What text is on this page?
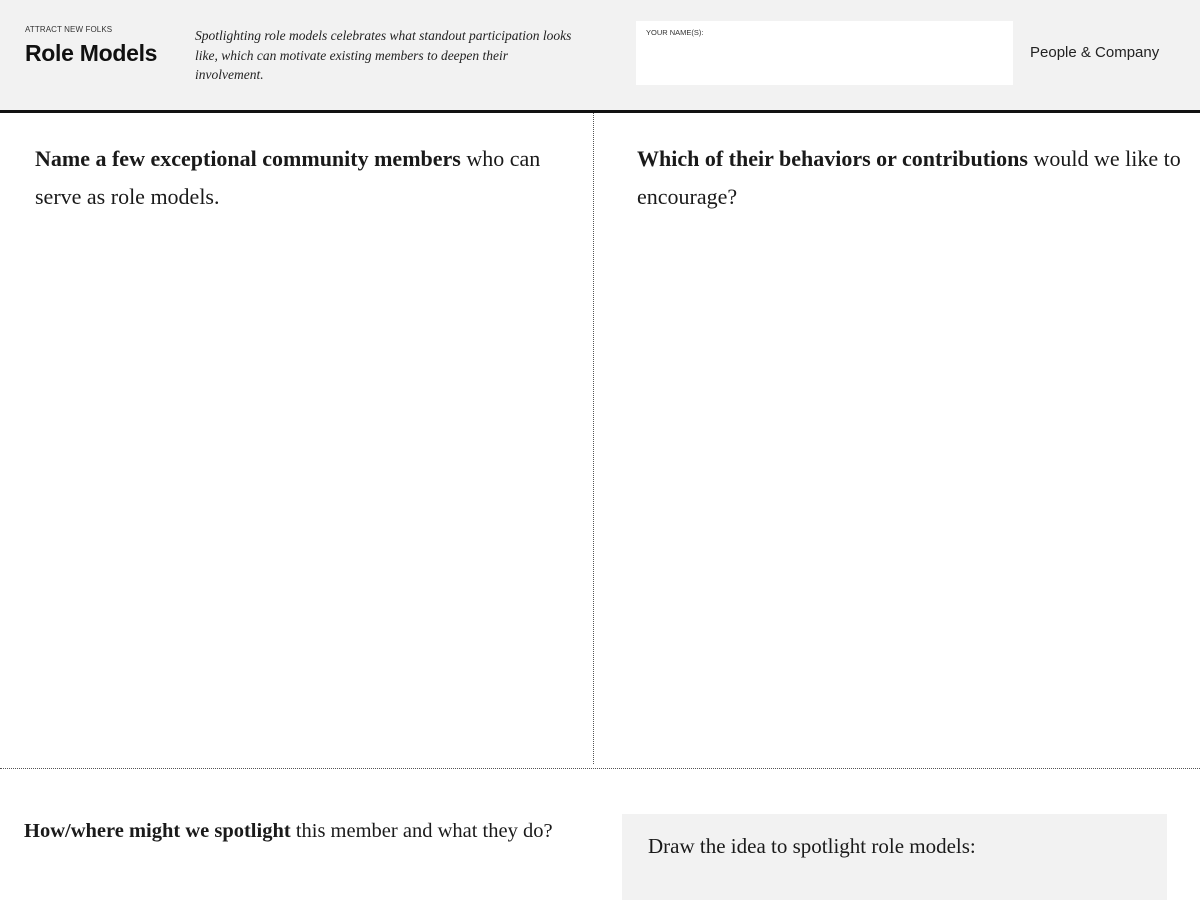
ATTRACT NEW FOLKS
Role Models
Spotlighting role models celebrates what standout participation looks like, which can motivate existing members to deepen their involvement.
YOUR NAME(S):
People & Company
Name a few exceptional community members who can serve as role models.
Which of their behaviors or contributions would we like to encourage?
How/where might we spotlight this member and what they do?
Draw the idea to spotlight role models:
